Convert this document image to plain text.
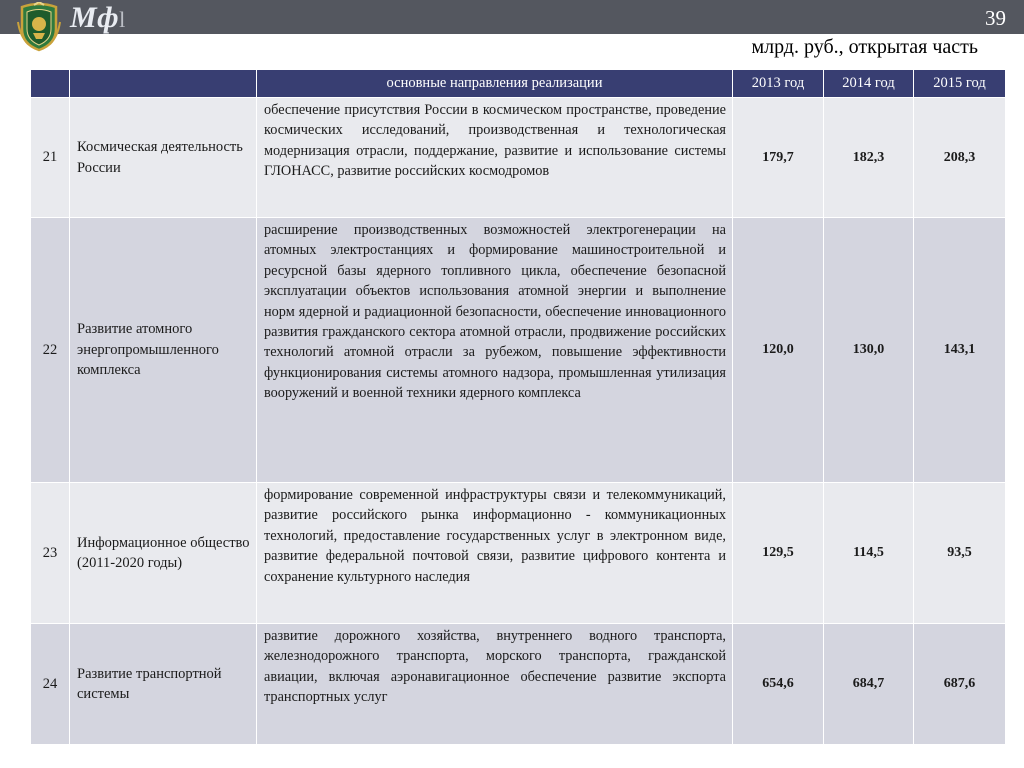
Мфl	39
млрд. руб., открытая часть
		основные направления реализации	2013 год	2014 год	2015 год
21	Космическая деятельность России	обеспечение присутствия России в космическом пространстве, проведение космических исследований, производственная и технологическая модернизация отрасли, поддержание, развитие и использование системы ГЛОНАСС, развитие российских космодромов	179,7	182,3	208,3
22	Развитие атомного энергопромышленного комплекса	расширение производственных возможностей электрогенерации на атомных электростанциях и формирование машиностроительной и ресурсной базы ядерного топливного цикла, обеспечение безопасной эксплуатации объектов использования атомной энергии и выполнение норм ядерной и радиационной безопасности, обеспечение инновационного развития гражданского сектора атомной отрасли, продвижение российских технологий атомной отрасли за рубежом, повышение эффективности функционирования системы атомного надзора, промышленная утилизация вооружений и военной техники ядерного комплекса	120,0	130,0	143,1
23	Информационное общество (2011-2020 годы)	формирование современной инфраструктуры связи и телекоммуникаций, развитие российского рынка информационно - коммуникационных технологий, предоставление государственных услуг в электронном виде, развитие федеральной почтовой связи, развитие цифрового контента и сохранение культурного наследия	129,5	114,5	93,5
24	Развитие транспортной системы	развитие дорожного хозяйства, внутреннего водного транспорта, железнодорожного транспорта, морского транспорта, гражданской авиации, включая аэронавигационное обеспечение развитие экспорта транспортных услуг	654,6	684,7	687,6
